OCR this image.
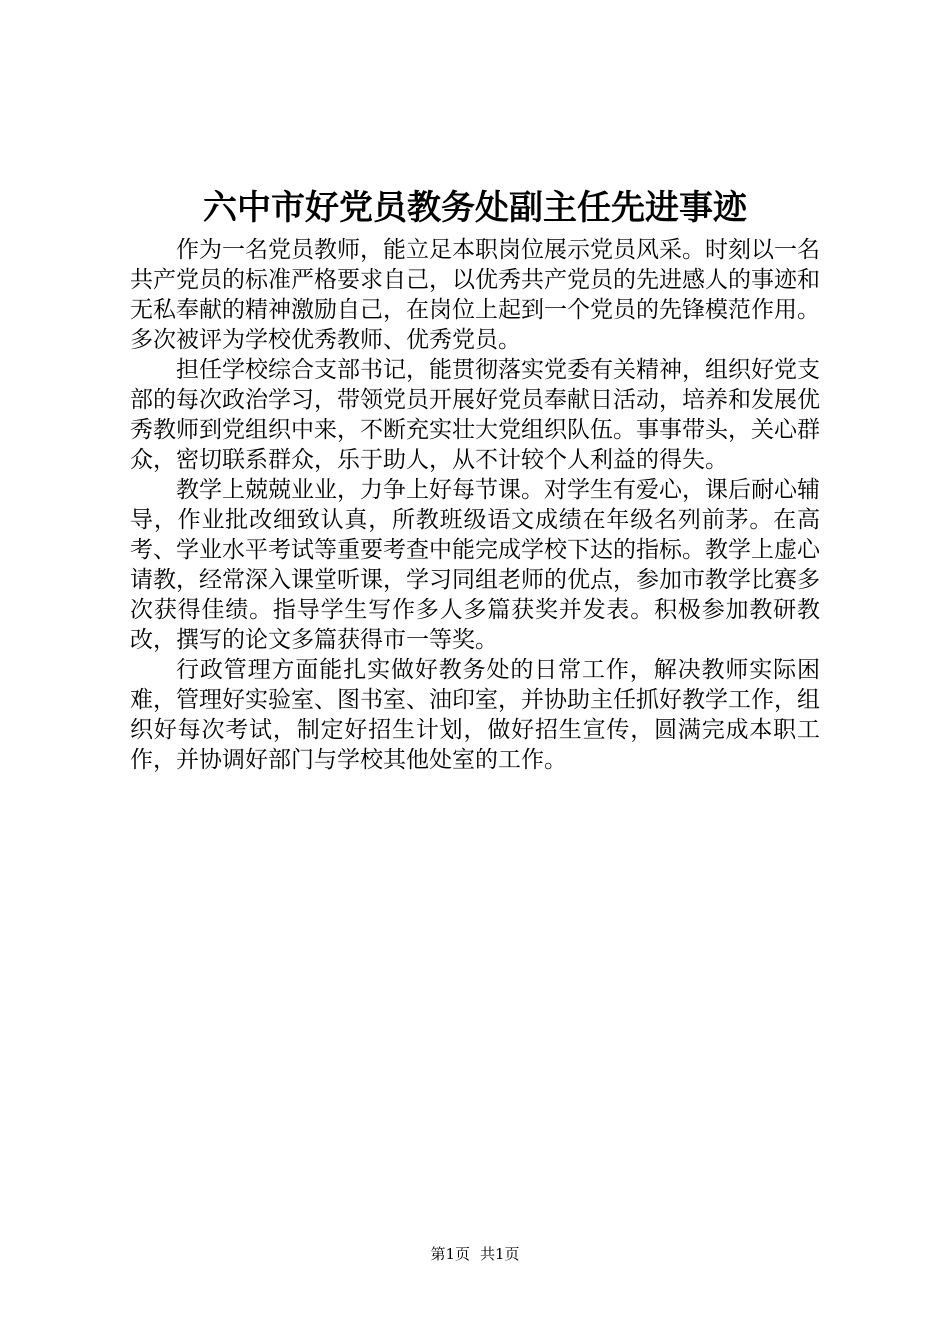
六中市好党员教务处副主任先进事迹

作为一名党员教师，能立足本职岗位展示党员风采。时刻以一名共产党员的标准严格要求自己，以优秀共产党员的先进感人的事迹和无私奉献的精神激励自己，在岗位上起到一个党员的先锋模范作用。多次被评为学校优秀教师、优秀党员。

担任学校综合支部书记，能贯彻落实党委有关精神，组织好党支部的每次政治学习，带领党员开展好党员奉献日活动，培养和发展优秀教师到党组织中来，不断充实壮大党组织队伍。事事带头，关心群众，密切联系群众，乐于助人，从不计较个人利益的得失。

教学上兢兢业业，力争上好每节课。对学生有爱心，课后耐心辅导，作业批改细致认真，所教班级语文成绩在年级名列前茅。在高考、学业水平考试等重要考查中能完成学校下达的指标。教学上虚心请教，经常深入课堂听课，学习同组老师的优点，参加市教学比赛多次获得佳绩。指导学生写作多人多篇获奖并发表。积极参加教研教改，撰写的论文多篇获得市一等奖。

行政管理方面能扎实做好教务处的日常工作，解决教师实际困难，管理好实验室、图书室、油印室，并协助主任抓好教学工作，组织好每次考试，制定好招生计划，做好招生宣传，圆满完成本职工作，并协调好部门与学校其他处室的工作。

第1页 共1页
